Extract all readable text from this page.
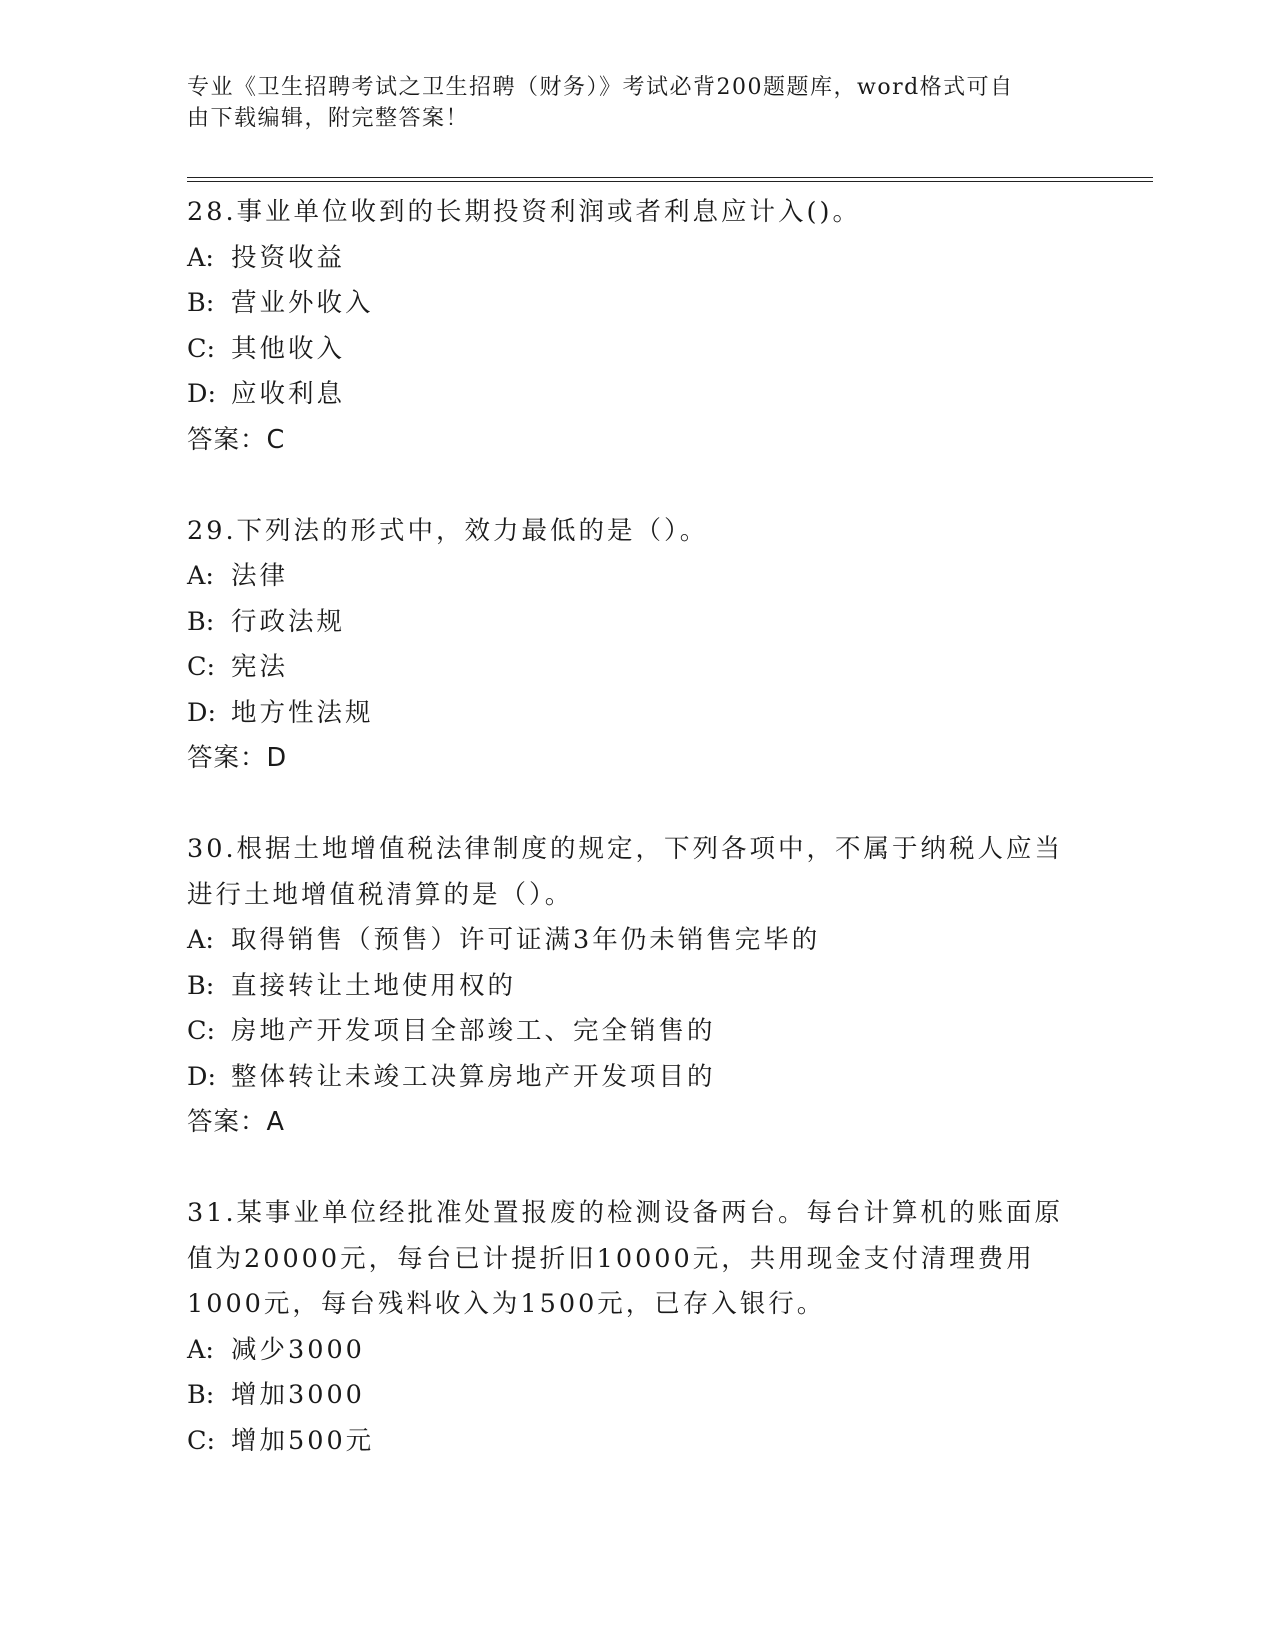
专业《卫生招聘考试之卫生招聘（财务）》考试必背200题题库，word格式可自
由下载编辑，附完整答案！
28.事业单位收到的长期投资利润或者利息应计入()。
A: 投资收益
B: 营业外收入
C: 其他收入
D: 应收利息
答案：C
29.下列法的形式中，效力最低的是（）。
A: 法律
B: 行政法规
C: 宪法
D: 地方性法规
答案：D
30.根据土地增值税法律制度的规定，下列各项中，不属于纳税人应当
进行土地增值税清算的是（）。
A: 取得销售（预售）许可证满3年仍未销售完毕的
B: 直接转让土地使用权的
C: 房地产开发项目全部竣工、完全销售的
D: 整体转让未竣工决算房地产开发项目的
答案：A
31.某事业单位经批准处置报废的检测设备两台。每台计算机的账面原
值为20000元，每台已计提折旧10000元，共用现金支付清理费用
1000元，每台残料收入为1500元，已存入银行。
A: 减少3000
B: 增加3000
C: 增加500元
